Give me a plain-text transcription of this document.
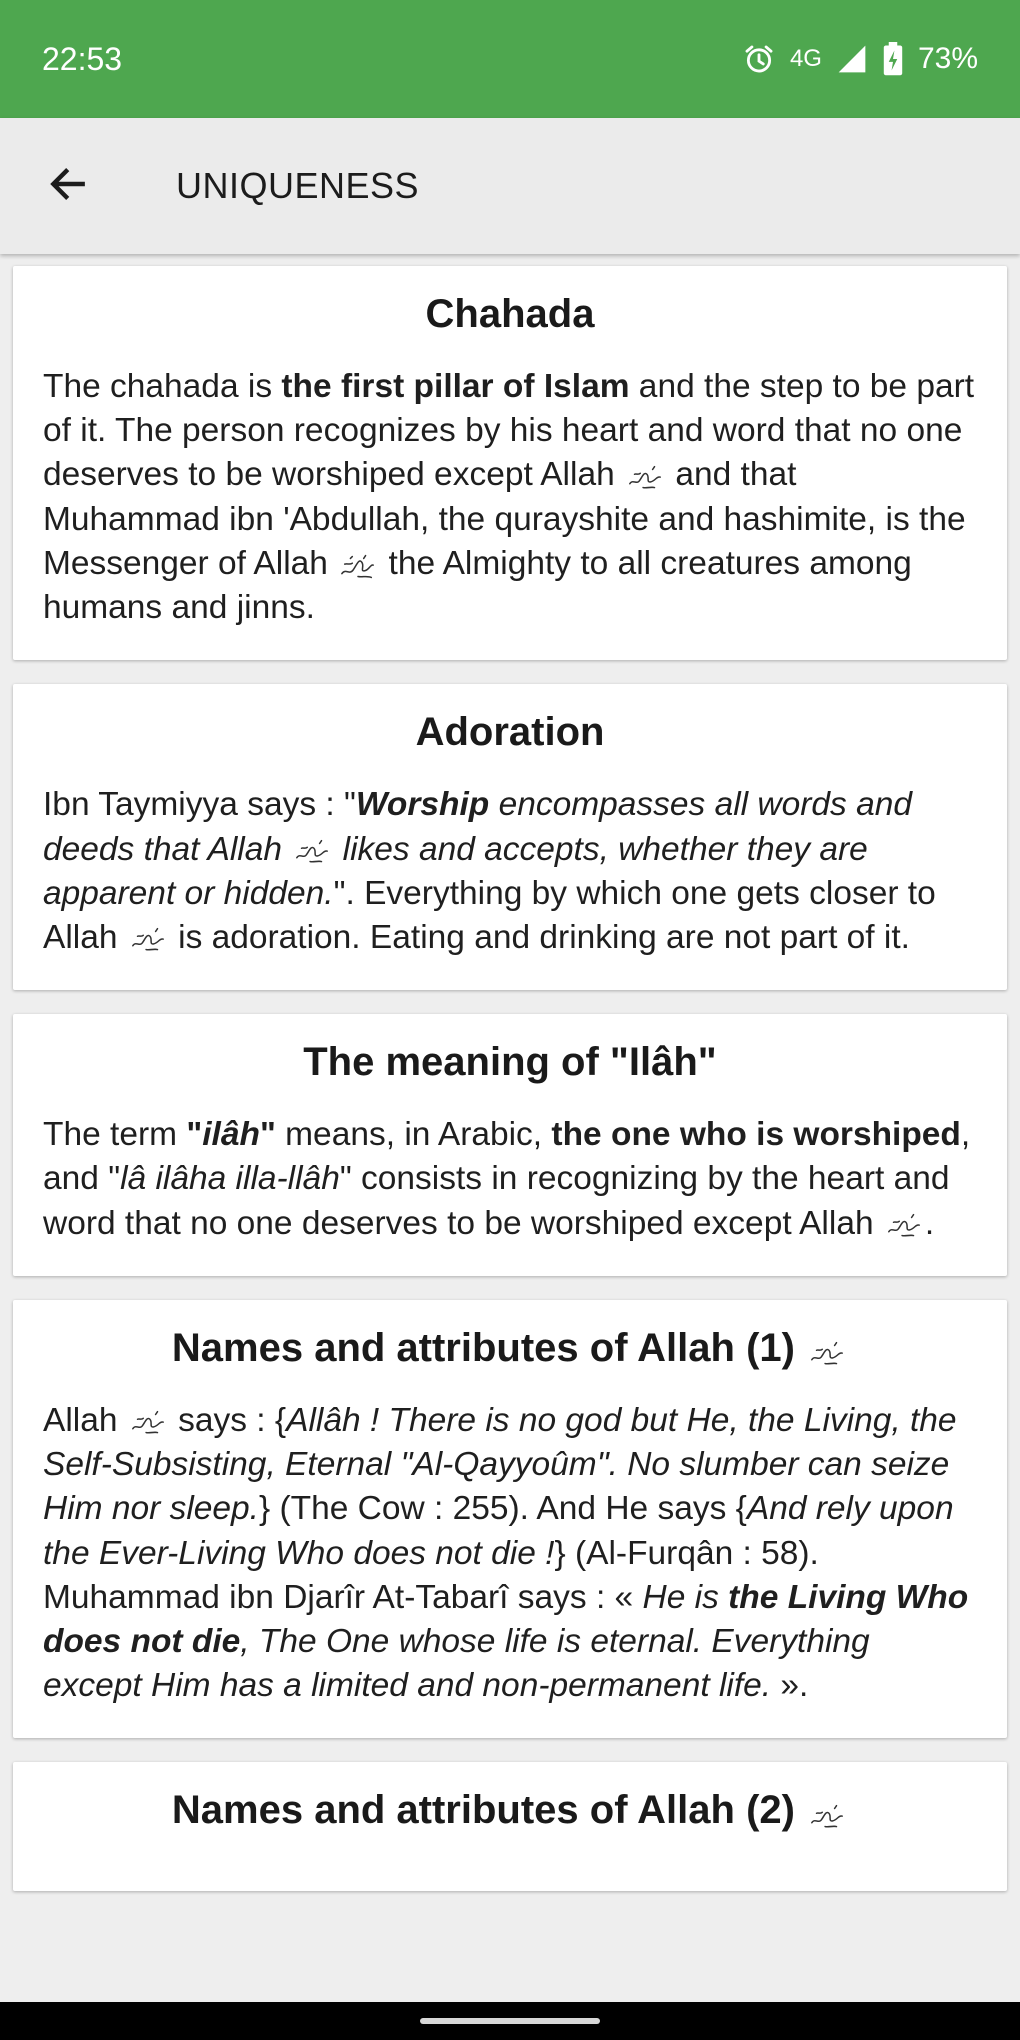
22:53	4G	73%
UNIQUENESS
Chahada
The chahada is the first pillar of Islam and the step to be part of it. The person recognizes by his heart and word that no one deserves to be worshiped except Allah  and that Muhammad ibn 'Abdullah, the qurayshite and hashimite, is the Messenger of Allah  the Almighty to all creatures among humans and jinns.
Adoration
Ibn Taymiyya says : "Worship encompasses all words and deeds that Allah  likes and accepts, whether they are apparent or hidden.". Everything by which one gets closer to Allah  is adoration. Eating and drinking are not part of it.
The meaning of "Ilâh"
The term "ilâh" means, in Arabic, the one who is worshiped, and "lâ ilâha illa-llâh" consists in recognizing by the heart and word that no one deserves to be worshiped except Allah .
Names and attributes of Allah (1)
Allah  says : {Allâh ! There is no god but He, the Living, the Self-Subsisting, Eternal "Al-Qayyoûm". No slumber can seize Him nor sleep.} (The Cow : 255). And He says {And rely upon the Ever-Living Who does not die !} (Al-Furqân : 58). Muhammad ibn Djarîr At-Tabarî says : « He is the Living Who does not die, The One whose life is eternal. Everything except Him has a limited and non-permanent life. ».
Names and attributes of Allah (2)
